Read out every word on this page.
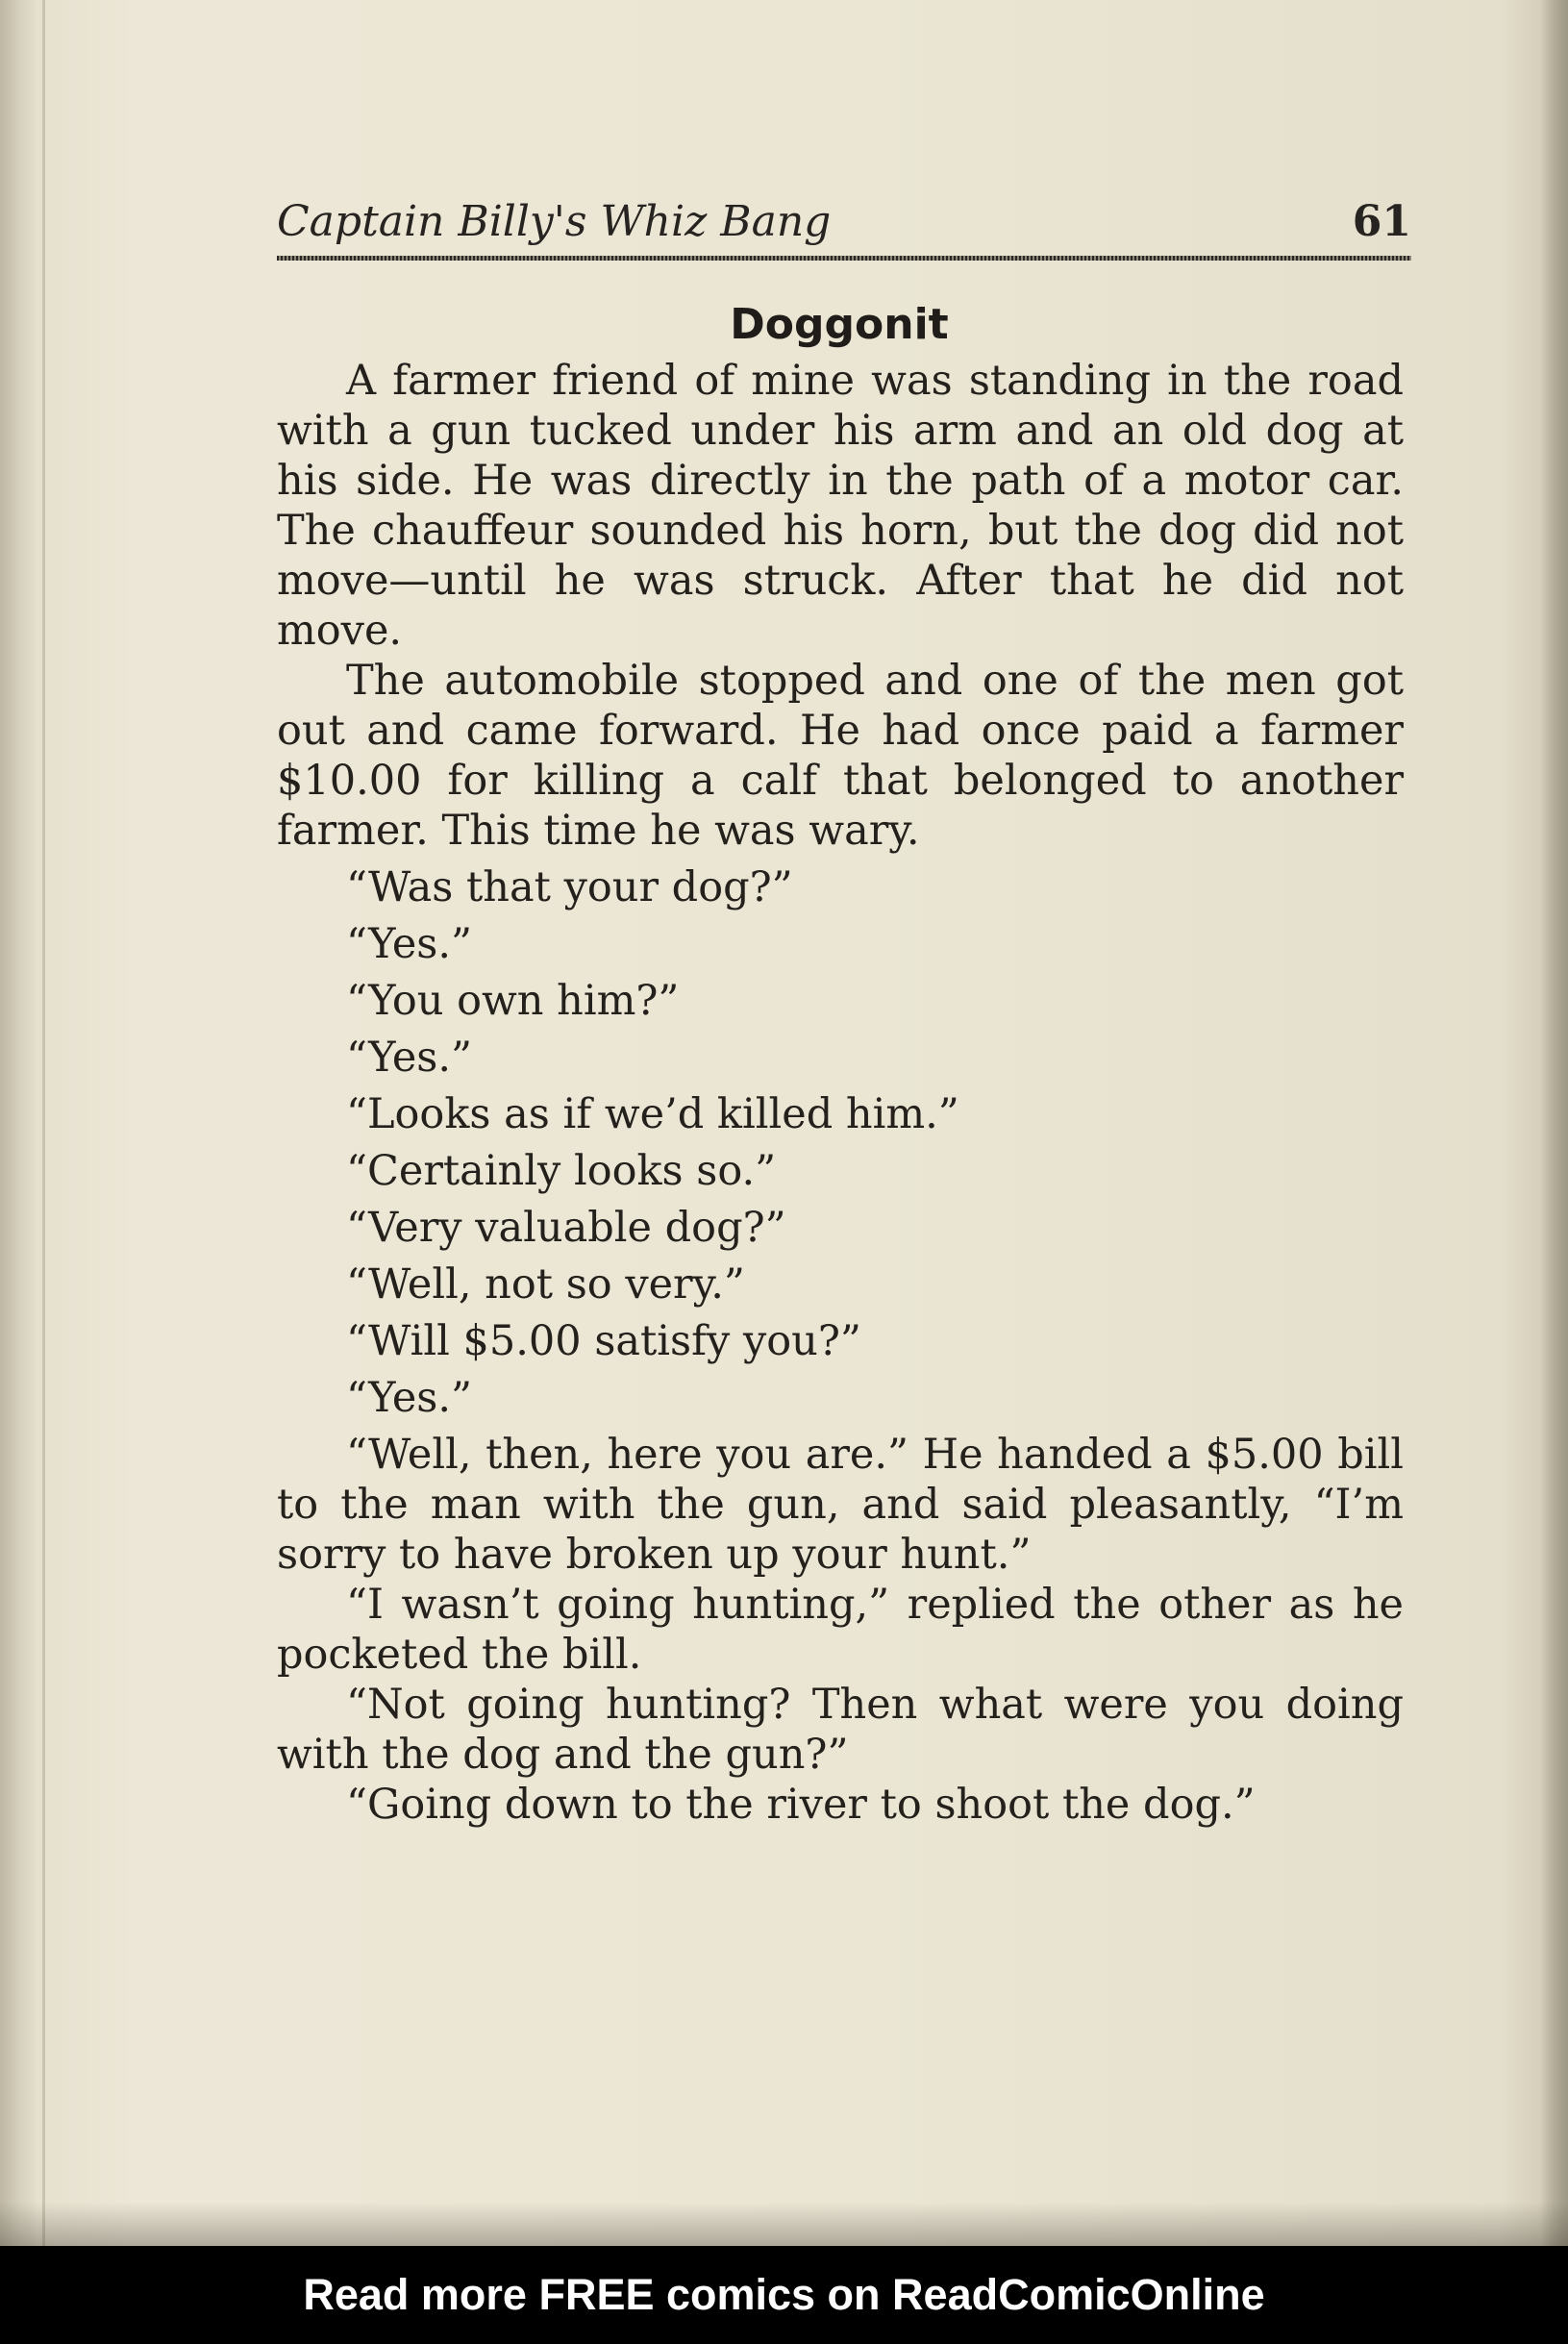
Captain Billy's Whiz Bang	61
Doggonit

A farmer friend of mine was standing in the road with a gun tucked under his arm and an old dog at his side. He was directly in the path of a motor car. The chauffeur sounded his horn, but the dog did not move—until he was struck. After that he did not move.

The automobile stopped and one of the men got out and came forward. He had once paid a farmer $10.00 for killing a calf that belonged to another farmer. This time he was wary.

“Was that your dog?”

“Yes.”

“You own him?”

“Yes.”

“Looks as if we’d killed him.”

“Certainly looks so.”

“Very valuable dog?”

“Well, not so very.”

“Will $5.00 satisfy you?”

“Yes.”

“Well, then, here you are.” He handed a $5.00 bill to the man with the gun, and said pleasantly, “I’m sorry to have broken up your hunt.”

“I wasn’t going hunting,” replied the other as he pocketed the bill.

“Not going hunting? Then what were you doing with the dog and the gun?”

“Going down to the river to shoot the dog.”

Read more FREE comics on ReadComicOnline
